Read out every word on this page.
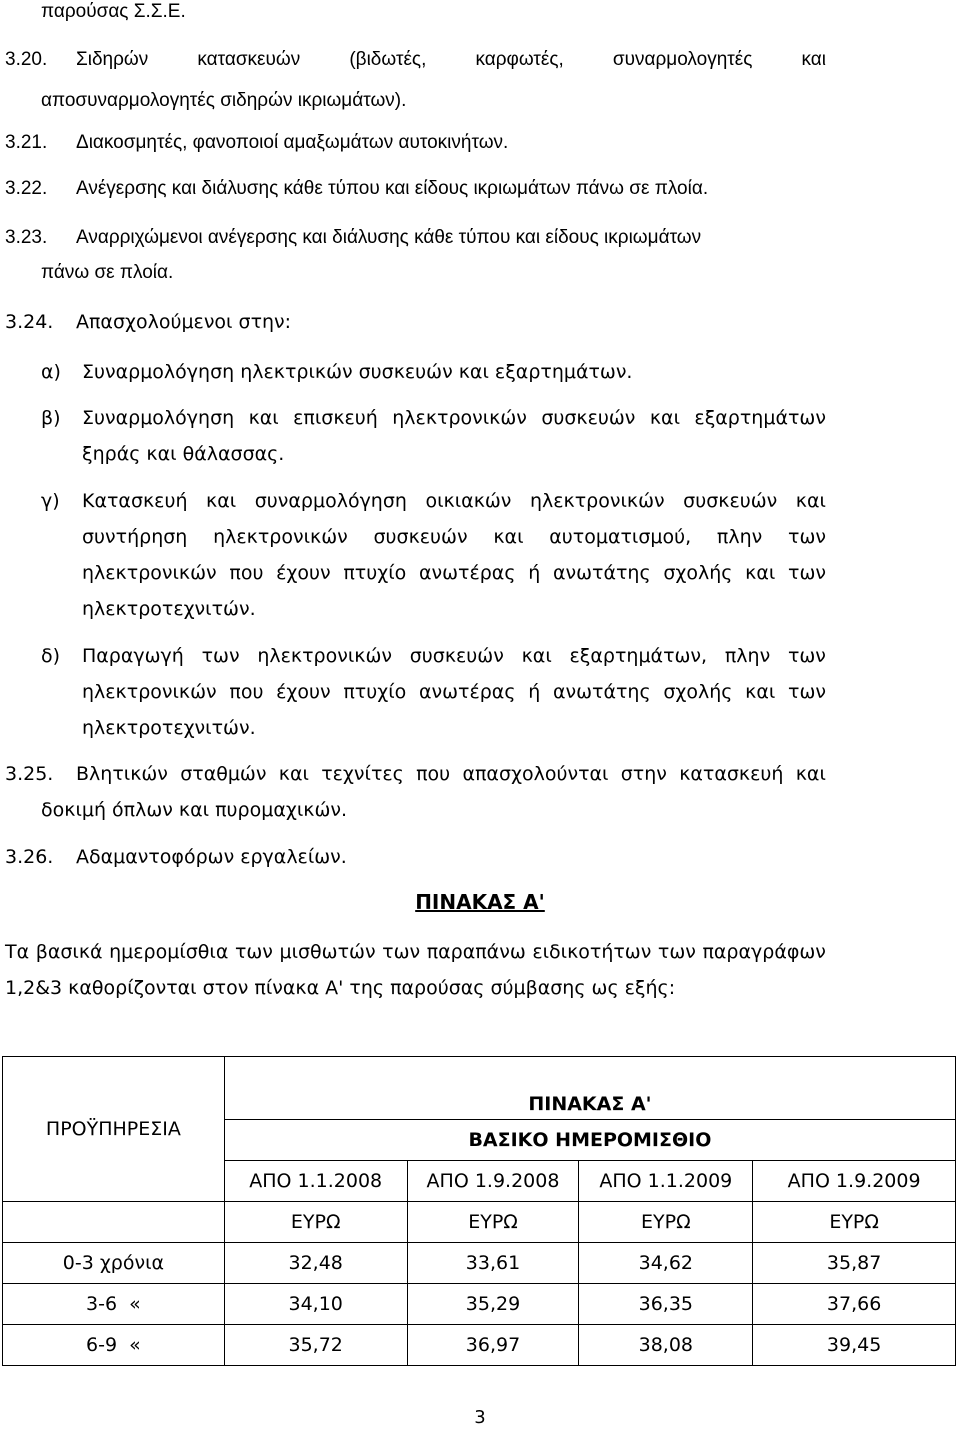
παρούσας Σ.Σ.Ε.
3.20. Σιδηρών	κατασκευών	(βιδωτές,	καρφωτές,	συναρμολογητές	και
αποσυναρμολογητές σιδηρών ικριωμάτων).
3.21. Διακοσμητές, φανοποιοί αμαξωμάτων αυτοκινήτων.
3.22. Ανέγερσης και διάλυσης κάθε τύπου και είδους ικριωμάτων πάνω σε πλοία.
3.23. Αναρριχώμενοι ανέγερσης και διάλυσης κάθε τύπου και είδους ικριωμάτων
πάνω σε πλοία.
3.24. Απασχολούμενοι στην:
α) Συναρμολόγηση ηλεκτρικών συσκευών και εξαρτημάτων.
β) Συναρμολόγηση και επισκευή ηλεκτρονικών συσκευών και εξαρτημάτων
ξηράς και θάλασσας.
γ) Κατασκευή και συναρμολόγηση οικιακών ηλεκτρονικών συσκευών και
συντήρηση ηλεκτρονικών συσκευών και αυτοματισμού, πλην των
ηλεκτρονικών που έχουν πτυχίο ανωτέρας ή ανωτάτης σχολής και των
ηλεκτροτεχνιτών.
δ) Παραγωγή των ηλεκτρονικών συσκευών και εξαρτημάτων, πλην των
ηλεκτρονικών που έχουν πτυχίο ανωτέρας ή ανωτάτης σχολής και των
ηλεκτροτεχνιτών.
3.25. Βλητικών σταθμών και τεχνίτες που απασχολούνται στην κατασκευή και
δοκιμή όπλων και πυρομαχικών.
3.26. Αδαμαντοφόρων εργαλείων.
ΠΙΝΑΚΑΣ Α'
Τα βασικά ημερομίσθια των μισθωτών των παραπάνω ειδικοτήτων των παραγράφων
1,2&3 καθορίζονται στον πίνακα Α' της παρούσας σύμβασης ως εξής:
ΠΡΟΫΠΗΡΕΣΙΑ	ΠΙΝΑΚΑΣ Α'			
	ΒΑΣΙΚΟ ΗΜΕΡΟΜΙΣΘΙΟ			
	ΑΠΟ 1.1.2008	ΑΠΟ 1.9.2008	ΑΠΟ 1.1.2009	ΑΠΟ 1.9.2009
	ΕΥΡΩ	ΕΥΡΩ	ΕΥΡΩ	ΕΥΡΩ
0-3 χρόνια	32,48	33,61	34,62	35,87
3-6  «	34,10	35,29	36,35	37,66
6-9  «	35,72	36,97	38,08	39,45
3
